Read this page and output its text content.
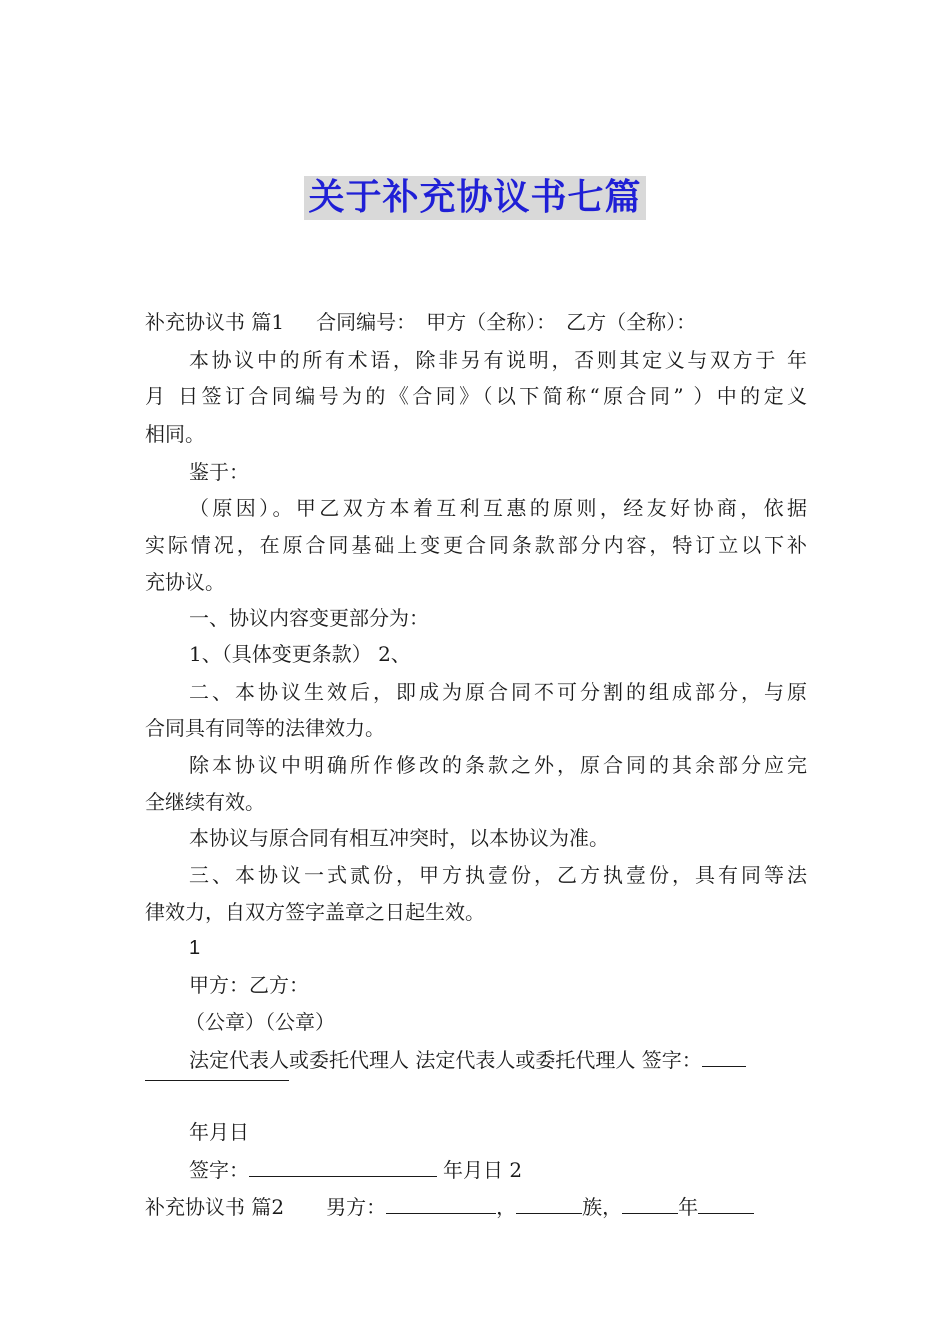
关于补充协议书七篇
补充协议书 篇1 合同编号： 甲方（全称）： 乙方（全称）：
本协议中的所有术语，除非另有说明，否则其定义与双方于 年
月 日签订合同编号为的《合同》（以下简称“原合同” ）中的定义
相同。
鉴于：
（原因）。甲乙双方本着互利互惠的原则，经友好协商，依据
实际情况，在原合同基础上变更合同条款部分内容，特订立以下补
充协议。
一、协议内容变更部分为：
1、（具体变更条款） 2、
二、本协议生效后，即成为原合同不可分割的组成部分，与原
合同具有同等的法律效力。
除本协议中明确所作修改的条款之外，原合同的其余部分应完
全继续有效。
本协议与原合同有相互冲突时，以本协议为准。
三、本协议一式贰份，甲方执壹份，乙方执壹份，具有同等法
律效力，自双方签字盖章之日起生效。
1
甲方：乙方：
（公章）（公章）
法定代表人或委托代理人 法定代表人或委托代理人 签字：
年月日
签字：	年月日 2
补充协议书 篇2 男方：	，	族，	年
